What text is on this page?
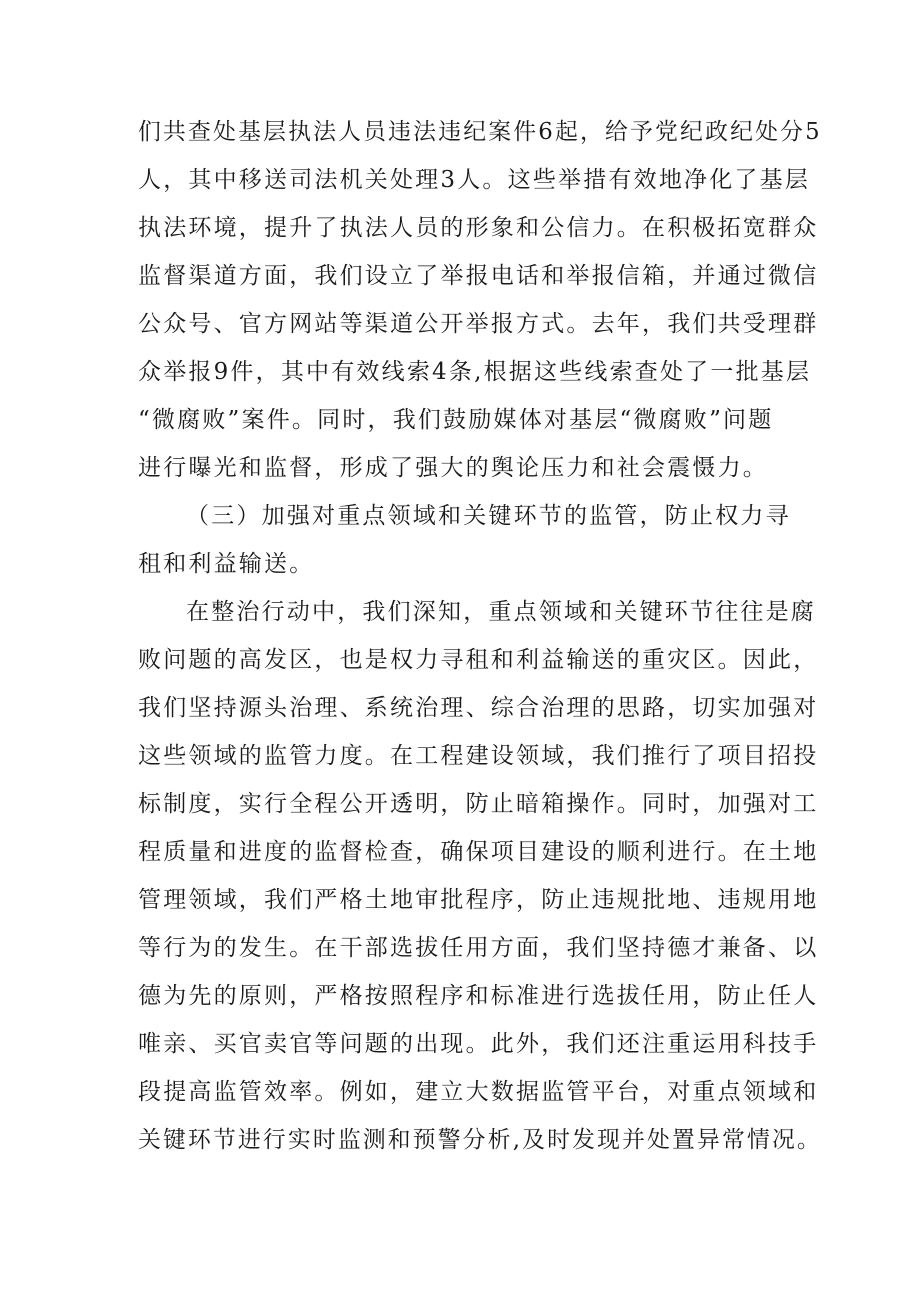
们共查处基层执法人员违法违纪案件6起，给予党纪政纪处分5
人，其中移送司法机关处理3人。这些举措有效地净化了基层
执法环境，提升了执法人员的形象和公信力。在积极拓宽群众
监督渠道方面，我们设立了举报电话和举报信箱，并通过微信
公众号、官方网站等渠道公开举报方式。去年，我们共受理群
众举报9件，其中有效线索4条,根据这些线索查处了一批基层
“微腐败”案件。同时，我们鼓励媒体对基层“微腐败”问题
进行曝光和监督，形成了强大的舆论压力和社会震慑力。
（三）加强对重点领域和关键环节的监管，防止权力寻
租和利益输送。
在整治行动中，我们深知，重点领域和关键环节往往是腐
败问题的高发区，也是权力寻租和利益输送的重灾区。因此，
我们坚持源头治理、系统治理、综合治理的思路，切实加强对
这些领域的监管力度。在工程建设领域，我们推行了项目招投
标制度，实行全程公开透明，防止暗箱操作。同时，加强对工
程质量和进度的监督检查，确保项目建设的顺利进行。在土地
管理领域，我们严格土地审批程序，防止违规批地、违规用地
等行为的发生。在干部选拔任用方面，我们坚持德才兼备、以
德为先的原则，严格按照程序和标准进行选拔任用，防止任人
唯亲、买官卖官等问题的出现。此外，我们还注重运用科技手
段提高监管效率。例如，建立大数据监管平台，对重点领域和
关键环节进行实时监测和预警分析,及时发现并处置异常情况。
